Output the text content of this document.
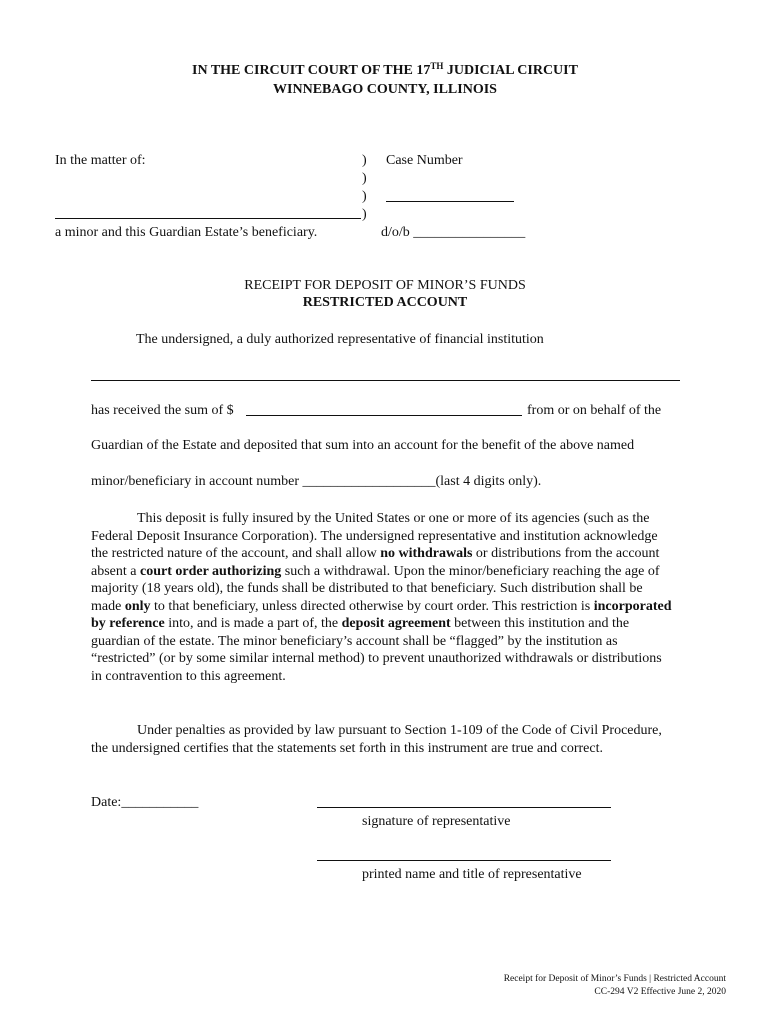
IN THE CIRCUIT COURT OF THE 17TH JUDICIAL CIRCUIT
WINNEBAGO COUNTY, ILLINOIS
In the matter of:	)
)
)
)
Case Number
a minor and this Guardian Estate’s beneficiary.	d/o/b ________________
RECEIPT FOR DEPOSIT OF MINOR’S FUNDS
RESTRICTED ACCOUNT
The undersigned, a duly authorized representative of financial institution
has received the sum of $	from or on behalf of the
Guardian of the Estate and deposited that sum into an account for the benefit of the above named
minor/beneficiary in account number ___________________(last 4 digits only).
This deposit is fully insured by the United States or one or more of its agencies (such as the Federal Deposit Insurance Corporation). The undersigned representative and institution acknowledge the restricted nature of the account, and shall allow no withdrawals or distributions from the account absent a court order authorizing such a withdrawal. Upon the minor/beneficiary reaching the age of majority (18 years old), the funds shall be distributed to that beneficiary. Such distribution shall be made only to that beneficiary, unless directed otherwise by court order. This restriction is incorporated by reference into, and is made a part of, the deposit agreement between this institution and the guardian of the estate. The minor beneficiary’s account shall be “flagged” by the institution as “restricted” (or by some similar internal method) to prevent unauthorized withdrawals or distributions in contravention to this agreement.
Under penalties as provided by law pursuant to Section 1-109 of the Code of Civil Procedure, the undersigned certifies that the statements set forth in this instrument are true and correct.
Date:___________
signature of representative
printed name and title of representative
Receipt for Deposit of Minor’s Funds | Restricted Account
CC-294 V2 Effective June 2, 2020
